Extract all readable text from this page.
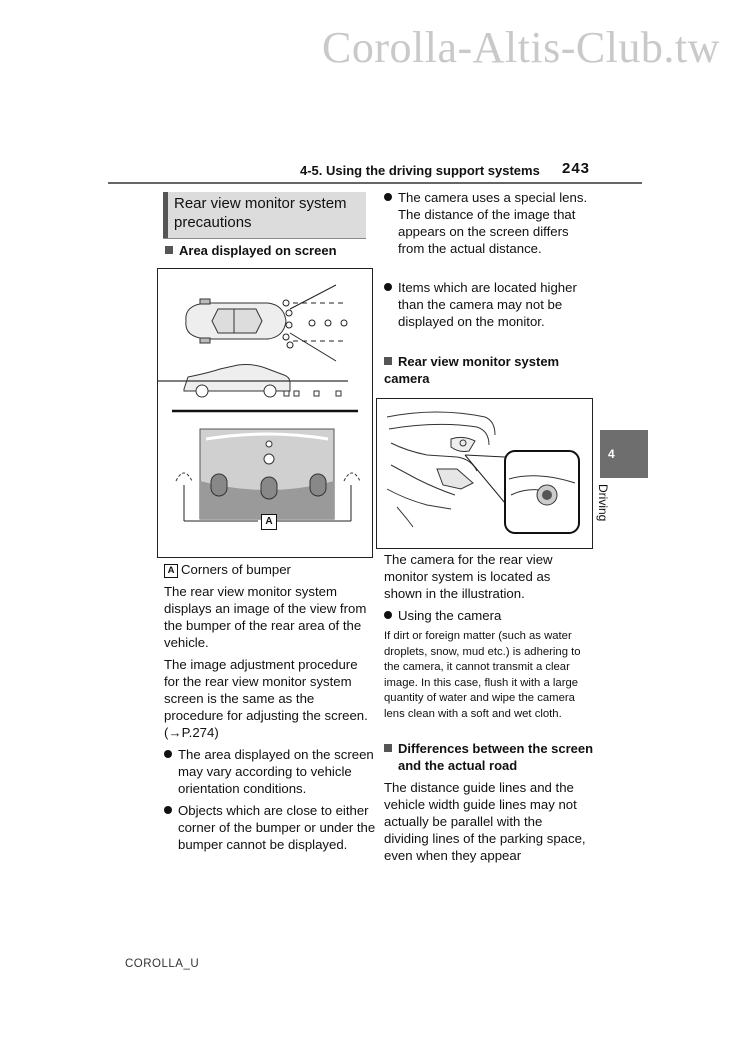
Corolla-Altis-Club.tw
4-5. Using the driving support systems 243
Rear view monitor system precautions
Area displayed on screen
A
A Corners of bumper
The rear view monitor system displays an image of the view from the bumper of the rear area of the vehicle.
The image adjustment procedure for the rear view monitor system screen is the same as the procedure for adjusting the screen. (→P.274)
The area displayed on the screen may vary according to vehicle orientation conditions.
Objects which are close to either corner of the bumper or under the bumper cannot be displayed.
The camera uses a special lens. The distance of the image that appears on the screen differs from the actual distance.
Items which are located higher than the camera may not be displayed on the monitor.
Rear view monitor system camera
The camera for the rear view monitor system is located as shown in the illustration.
Using the camera
If dirt or foreign matter (such as water droplets, snow, mud etc.) is adhering to the camera, it cannot transmit a clear image. In this case, flush it with a large quantity of water and wipe the camera lens clean with a soft and wet cloth.
Differences between the screen and the actual road
The distance guide lines and the vehicle width guide lines may not actually be parallel with the dividing lines of the parking space, even when they appear
4
Driving
COROLLA_U
